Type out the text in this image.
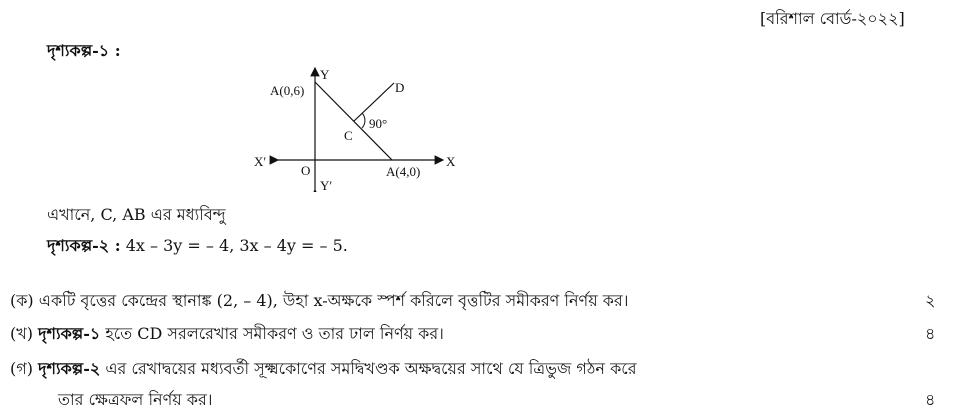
[বরিশাল বোর্ড-২০২২]
দৃশ্যকল্প-১ :
Y
Y′
X
X′
O
A(0,6)
A(4,0)
C
D
90°
এখানে, C, AB এর মধ্যবিন্দু
দৃশ্যকল্প-২ : 4x – 3y = – 4, 3x – 4y = – 5.
(ক) একটি বৃত্তের কেন্দ্রের স্থানাঙ্ক (2, – 4), উহা x-অক্ষকে স্পর্শ করিলে বৃত্তটির সমীকরণ নির্ণয় কর।	২
(খ) দৃশ্যকল্প-১ হতে CD সরলরেখার সমীকরণ ও তার ঢাল নির্ণয় কর।	৪
(গ) দৃশ্যকল্প-২ এর রেখাদ্বয়ের মধ্যবর্তী সূক্ষ্মকোণের সমদ্বিখণ্ডক অক্ষদ্বয়ের সাথে যে ত্রিভুজ গঠন করে
তার ক্ষেত্রফল নির্ণয় কর।	৪
